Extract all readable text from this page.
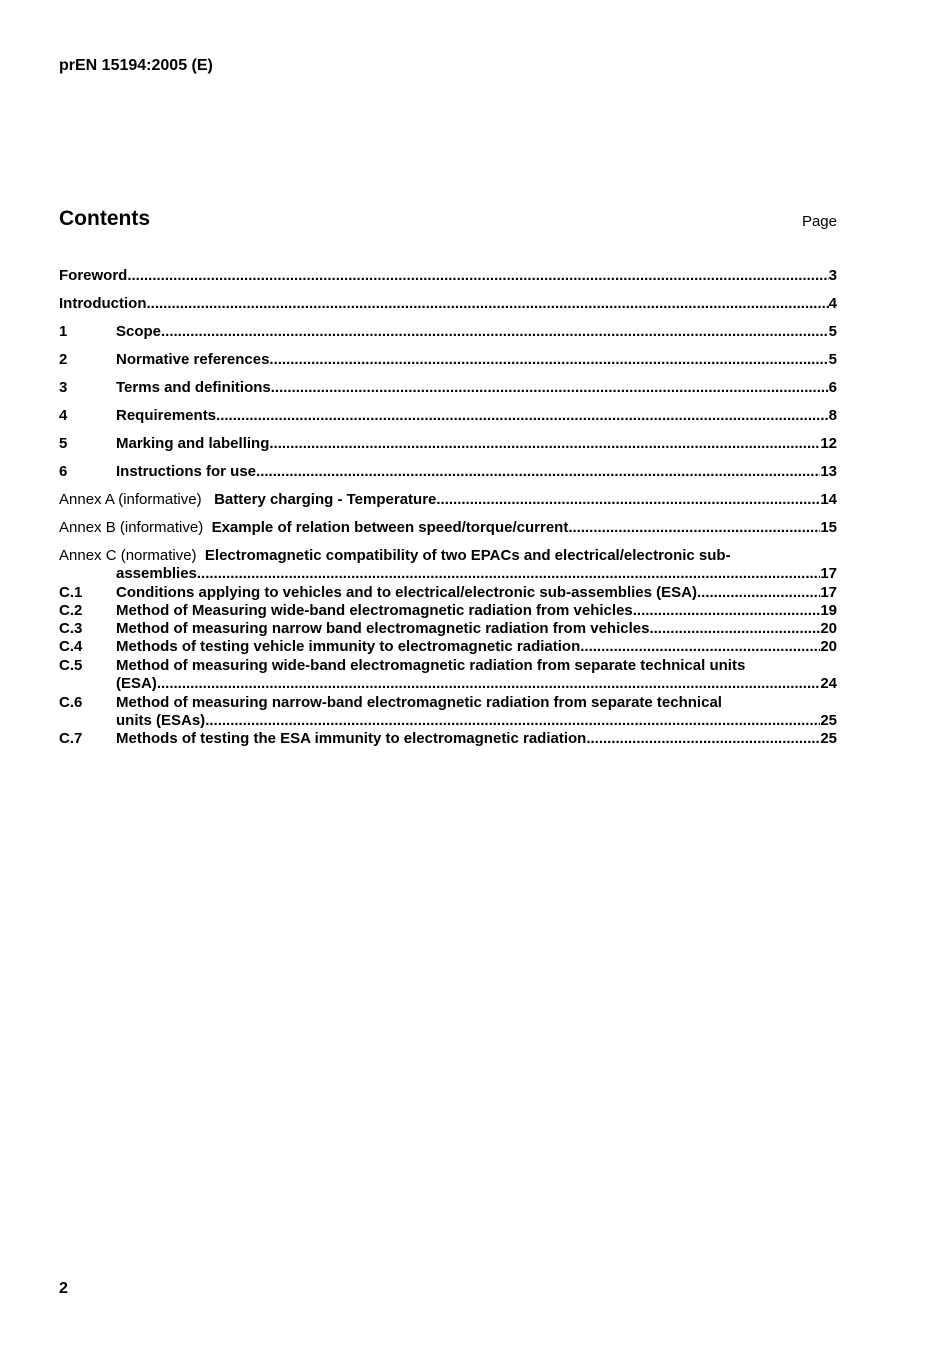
prEN 15194:2005 (E)
Contents	Page
Foreword .....	3
Introduction .....	4
1	Scope .....	5
2	Normative references .....	5
3	Terms and definitions .....	6
4	Requirements .....	8
5	Marking and labelling .....	12
6	Instructions for use .....	13
Annex A (informative) Battery charging - Temperature .....	14
Annex B (informative) Example of relation between speed/torque/current .....	15
Annex C (normative) Electromagnetic compatibility of two EPACs and electrical/electronic sub-
assemblies .....	17
C.1	Conditions applying to vehicles and to electrical/electronic sub-assemblies (ESA) .....	17
C.2	Method of Measuring wide-band electromagnetic radiation from vehicles .....	19
C.3	Method of measuring narrow band electromagnetic radiation from vehicles .....	20
C.4	Methods of testing vehicle immunity to electromagnetic radiation .....	20
C.5	Method of measuring wide-band electromagnetic radiation from separate technical units
(ESA) .....	24
C.6	Method of measuring narrow-band electromagnetic radiation from separate technical
units (ESAs) .....	25
C.7	Methods of testing the ESA immunity to electromagnetic radiation .....	25
2
